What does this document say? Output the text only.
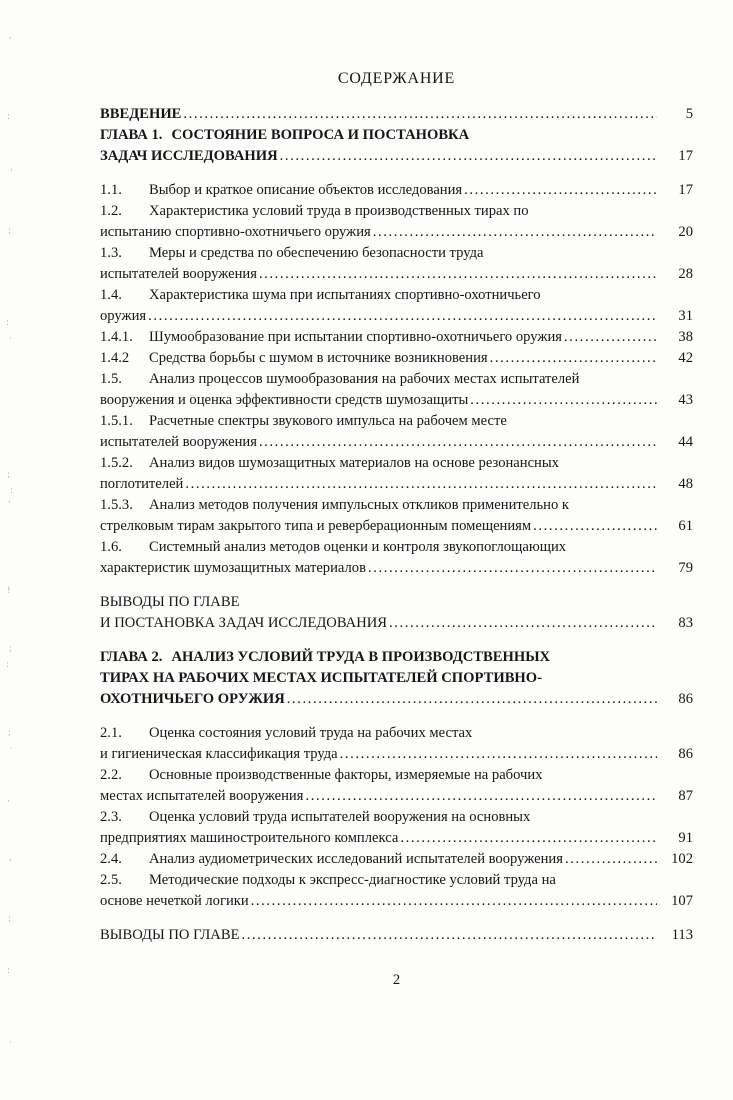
СОДЕРЖАНИЕ
ВВЕДЕНИЕ .....	5
ГЛАВА 1. СОСТОЯНИЕ ВОПРОСА И ПОСТАНОВКА
ЗАДАЧ ИССЛЕДОВАНИЯ .....	17
1.1.	Выбор и краткое описание объектов исследования .....	17
1.2.	Характеристика условий труда в производственных тирах по
испытанию спортивно-охотничьего оружия .....	20
1.3.	Меры и средства по обеспечению безопасности труда
испытателей вооружения .....	28
1.4.	Характеристика шума при испытаниях спортивно-охотничьего
оружия .....	31
1.4.1.	Шумообразование при испытании спортивно-охотничьего оружия .....	38
1.4.2	Средства борьбы с шумом в источнике возникновения .....	42
1.5.	Анализ процессов шумообразования на рабочих местах испытателей
вооружения и оценка эффективности средств шумозащиты .....	43
1.5.1.	Расчетные спектры звукового импульса на рабочем месте
испытателей вооружения .....	44
1.5.2.	Анализ видов шумозащитных материалов на основе резонансных
поглотителей .....	48
1.5.3.	Анализ методов получения импульсных откликов применительно к
стрелковым тирам закрытого типа и реверберационным помещениям .....	61
1.6.	Системный анализ методов оценки и контроля звукопоглощающих
характеристик шумозащитных материалов .....	79
ВЫВОДЫ ПО ГЛАВЕ
И ПОСТАНОВКА ЗАДАЧ ИССЛЕДОВАНИЯ .....	83
ГЛАВА 2. АНАЛИЗ УСЛОВИЙ ТРУДА В ПРОИЗВОДСТВЕННЫХ
ТИРАХ НА РАБОЧИХ МЕСТАХ ИСПЫТАТЕЛЕЙ СПОРТИВНО-
ОХОТНИЧЬЕГО ОРУЖИЯ .....	86
2.1.	Оценка состояния условий труда на рабочих местах
и гигиеническая классификация труда .....	86
2.2.	Основные производственные факторы, измеряемые на рабочих
местах испытателей вооружения .....	87
2.3.	Оценка условий труда испытателей вооружения на основных
предприятиях машиностроительного комплекса .....	91
2.4.	Анализ аудиометрических исследований испытателей вооружения .....	102
2.5.	Методические подходы к экспресс-диагностике условий труда на
основе нечеткой логики .....	107
ВЫВОДЫ ПО ГЛАВЕ .....	113
2
'
:
'
;
:
·
;
:
'
!
;
:
;
·
,
'
;
:
·
